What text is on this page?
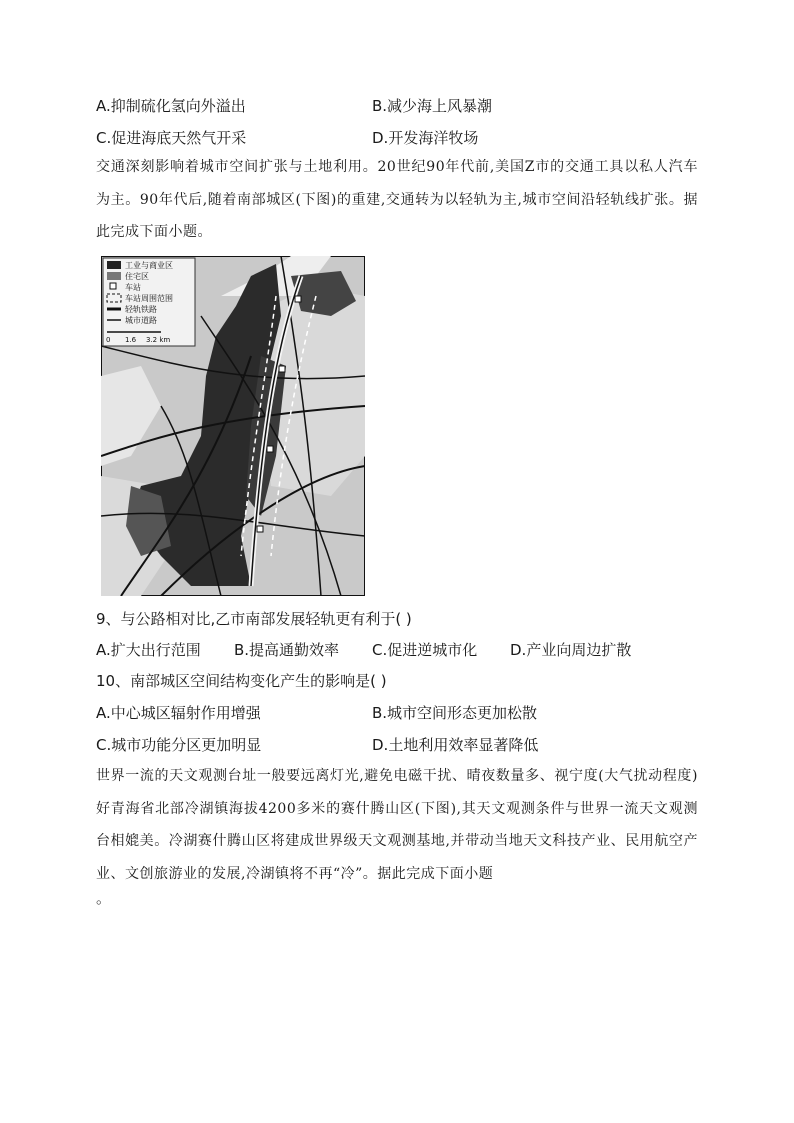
A.抑制硫化氢向外溢出	B.减少海上风暴潮
C.促进海底天然气开采	D.开发海洋牧场
交通深刻影响着城市空间扩张与土地利用。20世纪90年代前,美国Z市的交通工具以私人汽车为主。90年代后,随着南部城区(下图)的重建,交通转为以轻轨为主,城市空间沿轻轨线扩张。据此完成下面小题。
工业与商业区
住宅区
车站
车站周围范围
轻轨铁路
城市道路
0 1.6 3.2 km
9、与公路相对比,乙市南部发展轻轨更有利于( )
A.扩大出行范围 B.提高通勤效率 C.促进逆城市化 D.产业向周边扩散
10、南部城区空间结构变化产生的影响是( )
A.中心城区辐射作用增强	B.城市空间形态更加松散
C.城市功能分区更加明显	D.土地利用效率显著降低
世界一流的天文观测台址一般要远离灯光,避免电磁干扰、晴夜数量多、视宁度(大气扰动程度)好青海省北部冷湖镇海拔4200多米的赛什腾山区(下图),其天文观测条件与世界一流天文观测台相媲美。冷湖赛什腾山区将建成世界级天文观测基地,并带动当地天文科技产业、民用航空产业、文创旅游业的发展,冷湖镇将不再“冷”。据此完成下面小题
。
